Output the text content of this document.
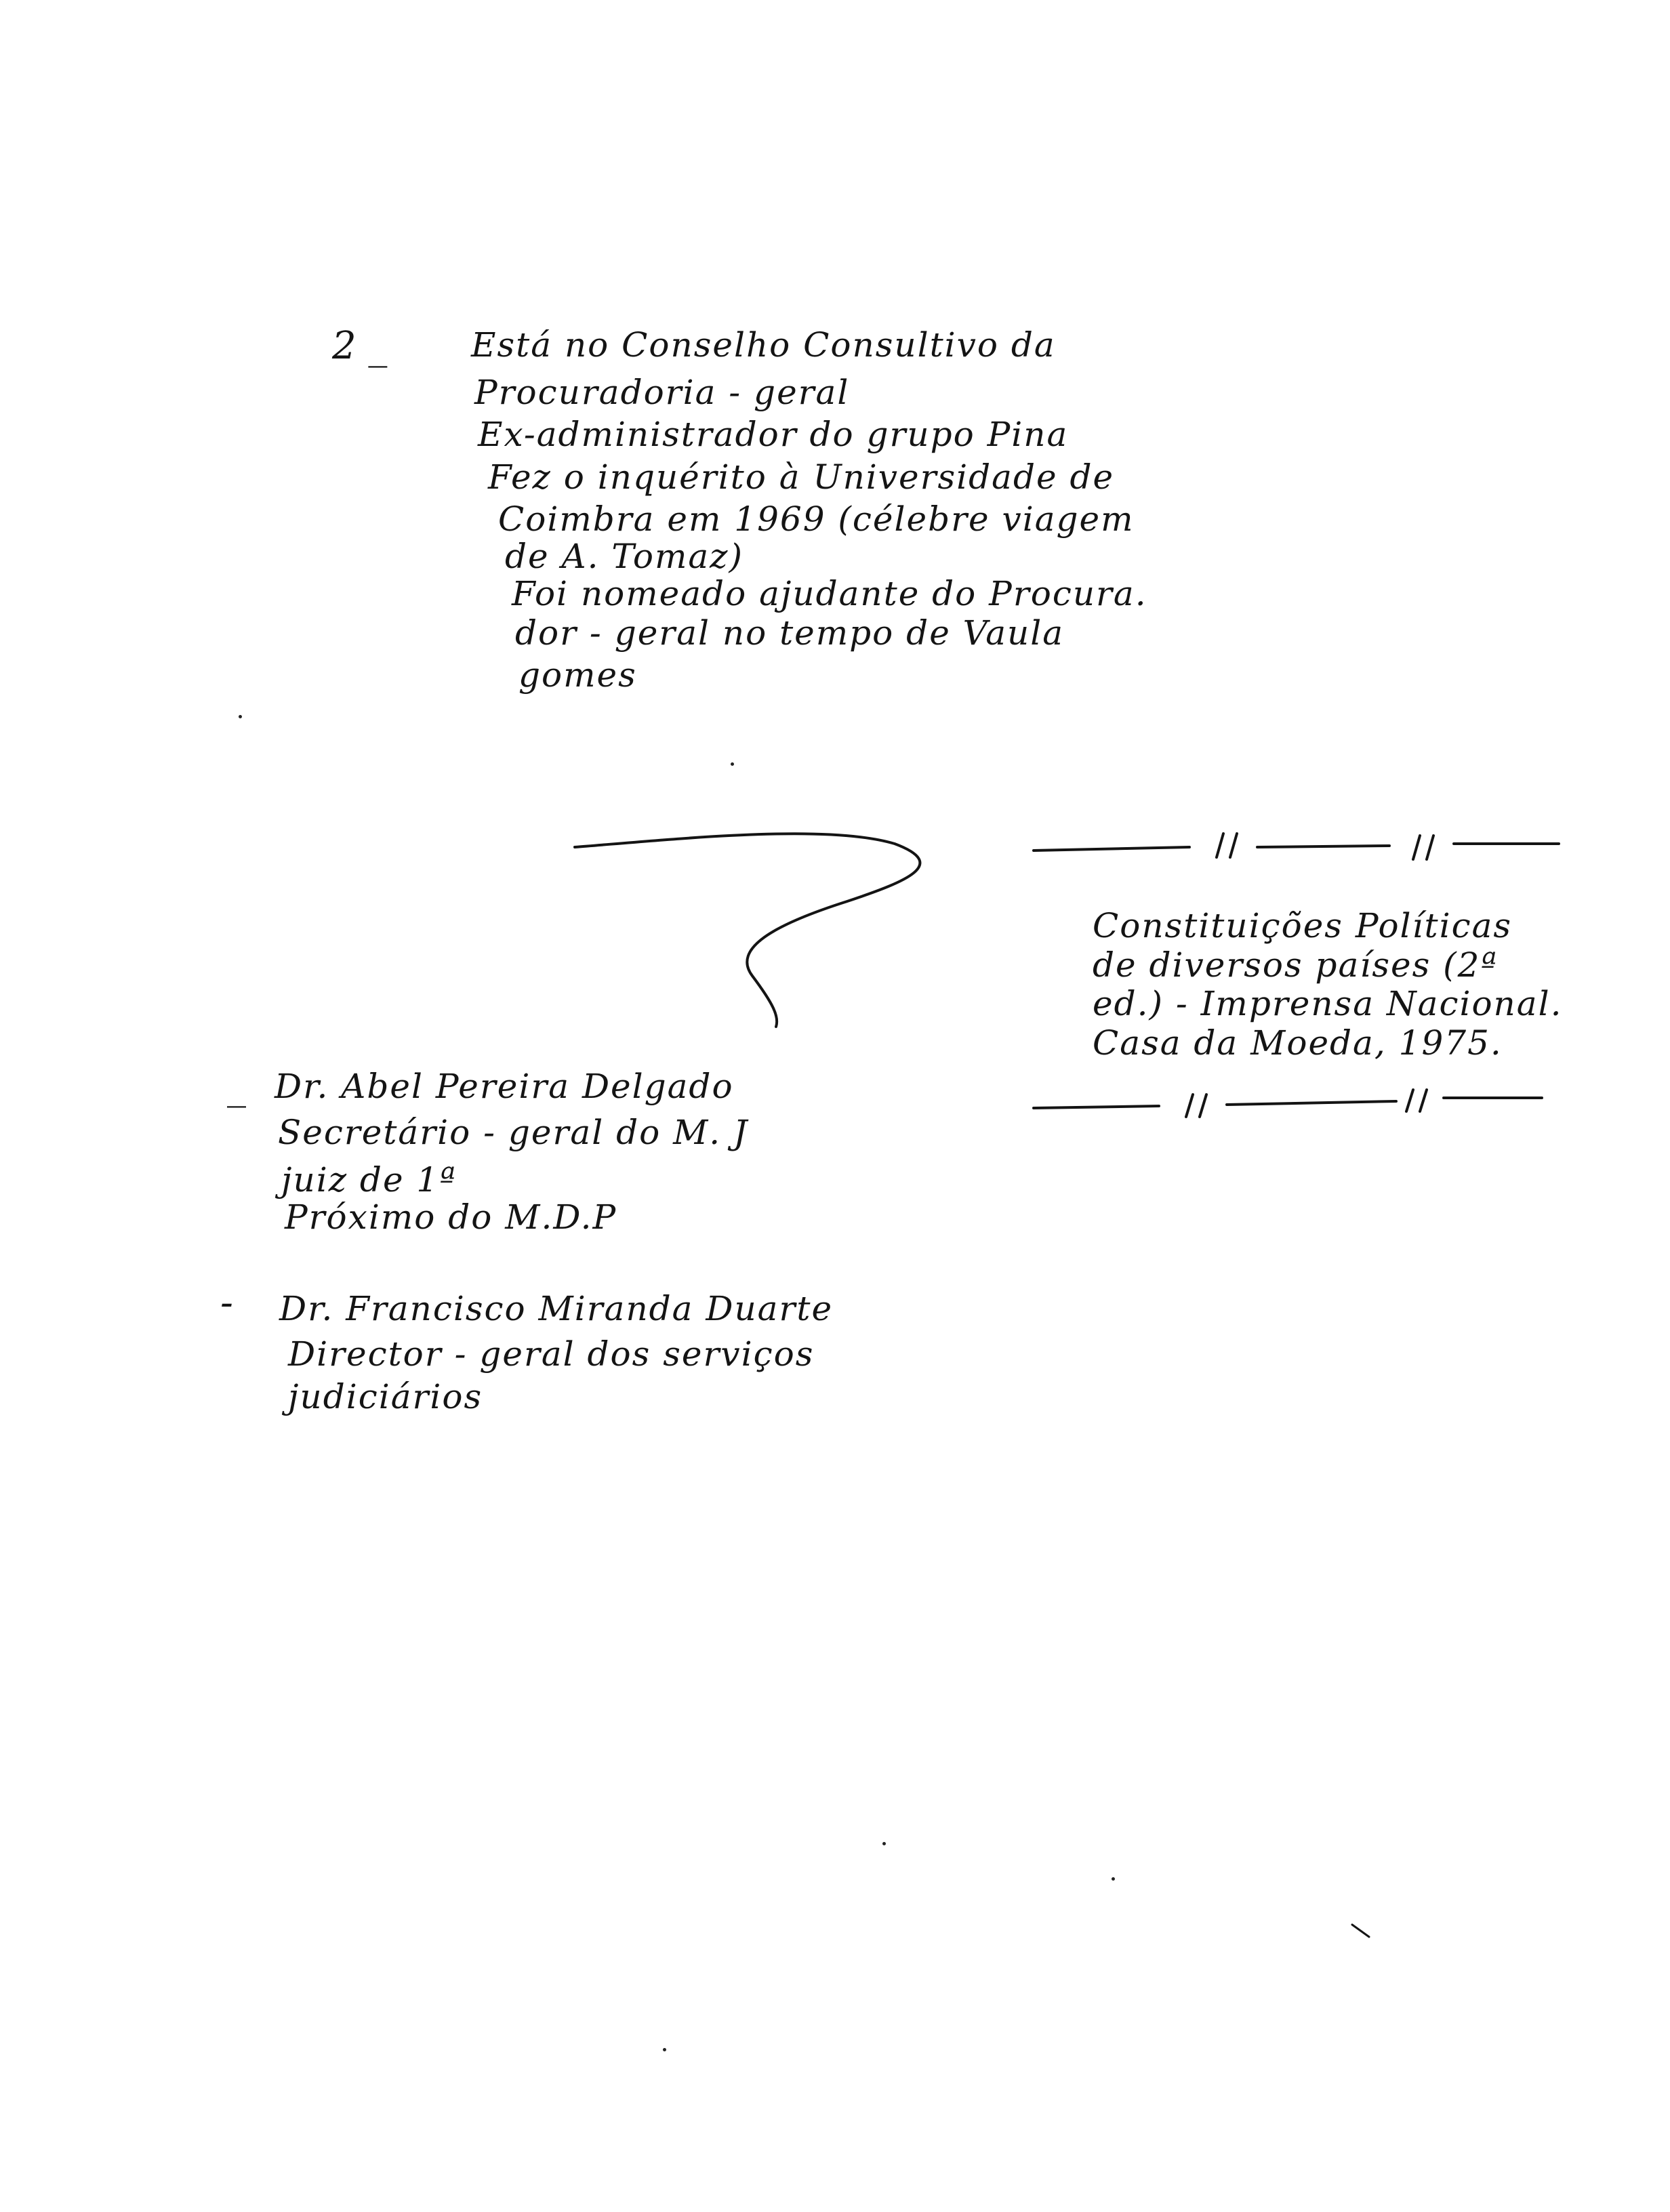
2 _ Está no Conselho Consultivo da
Procuradoria - geral
Ex-administrador do grupo Pina
Fez o inquérito à Universidade de
Coimbra em 1969 (célebre viagem
de A. Tomaz)
Foi nomeado ajudante do Procura.
dor - geral no tempo de Vaula
gomes
Constituições Políticas
de diversos países (2ª
ed.) - Imprensa Nacional.
Casa da Moeda, 1975.
_ Dr. Abel Pereira Delgado
Secretário - geral do M. J
juiz de 1ª
Próximo do M.D.P
- Dr. Francisco Miranda Duarte
Director - geral dos serviços
judiciários
